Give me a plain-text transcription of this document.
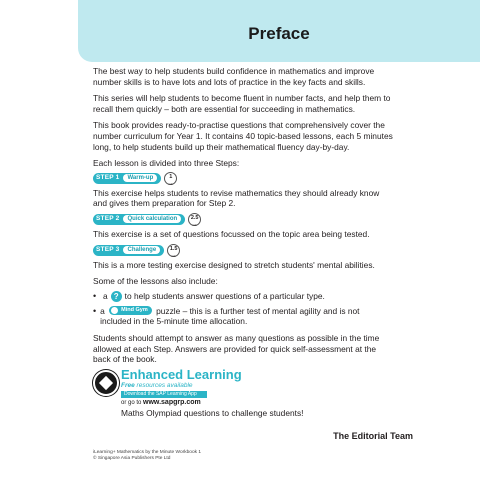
Preface

The best way to help students build confidence in mathematics and improve number skills is to have lots and lots of practice in the key facts and skills.

This series will help students to become fluent in number facts, and help them to recall them quickly – both are essential for succeeding in mathematics.

This book provides ready-to-practise questions that comprehensively cover the number curriculum for Year 1. It contains 40 topic-based lessons, each 5 minutes long, to help students build up their mathematical fluency day-by-day.

Each lesson is divided into three Steps:

STEP 1	Warm-up	1
min

This exercise helps students to revise mathematics they should already know and gives them preparation for Step 2.

STEP 2	Quick calculation	2.5
min

This exercise is a set of questions focussed on the topic area being tested.

STEP 3	Challenge	1.5
min

This is a more testing exercise designed to stretch students' mental abilities.

Some of the lessons also include:

• a
? to help students answer questions of a particular type.
• a	Mind Gym puzzle – this is a further test of mental agility and is not included in the 5-minute time allocation.

Students should attempt to answer as many questions as possible in the time allowed at each Step. Answers are provided for quick self-assessment at the back of the book.

Enhanced Learning
Free resources available
Download the SAP Learning App
or go to www.sapgrp.com
Maths Olympiad questions to challenge students!
The Editorial Team
iLearning+ Mathematics by the Minute Workbook 1
© Singapore Asia Publishers Pte Ltd
